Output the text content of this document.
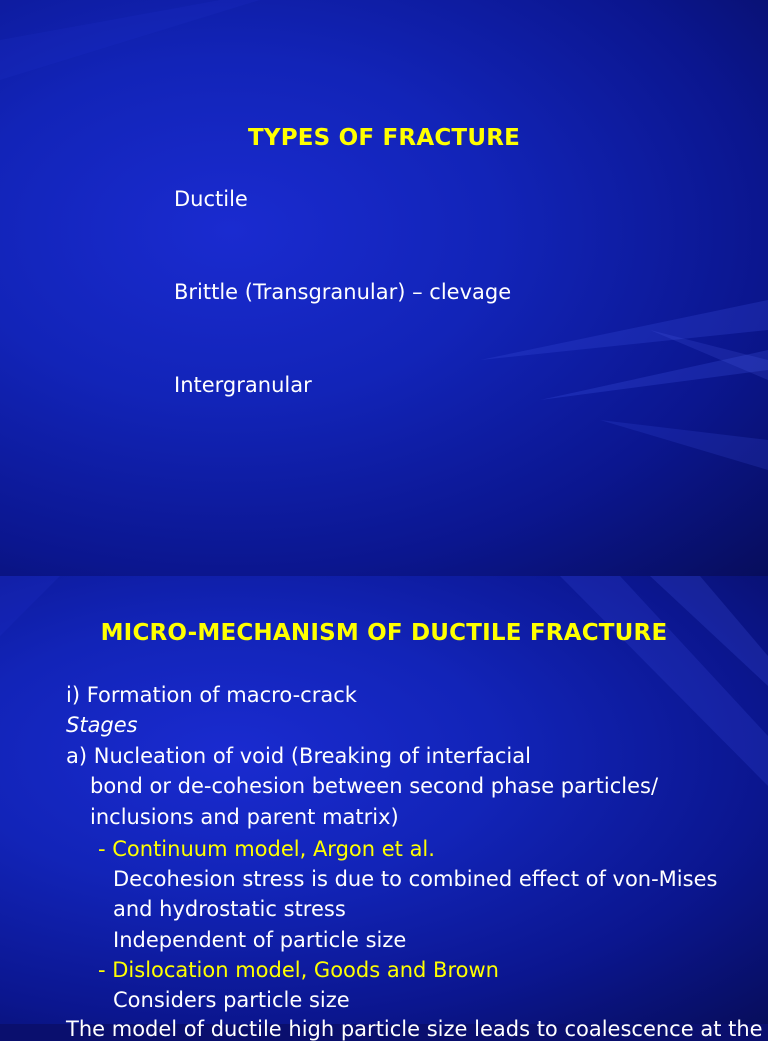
TYPES OF FRACTURE
Ductile
Brittle (Transgranular) – clevage
Intergranular
MICRO-MECHANISM OF DUCTILE FRACTURE
i) Formation of macro-crack
Stages
a) Nucleation of void (Breaking of interfacial
bond or de-cohesion between second phase particles/
inclusions and parent matrix)
- Continuum model, Argon et al.
Decohesion stress is due to combined effect of von-Mises
and hydrostatic stress
Independent of particle size
- Dislocation model, Goods and Brown
Considers particle size
The model of ductile high particle size leads to coalescence at the
